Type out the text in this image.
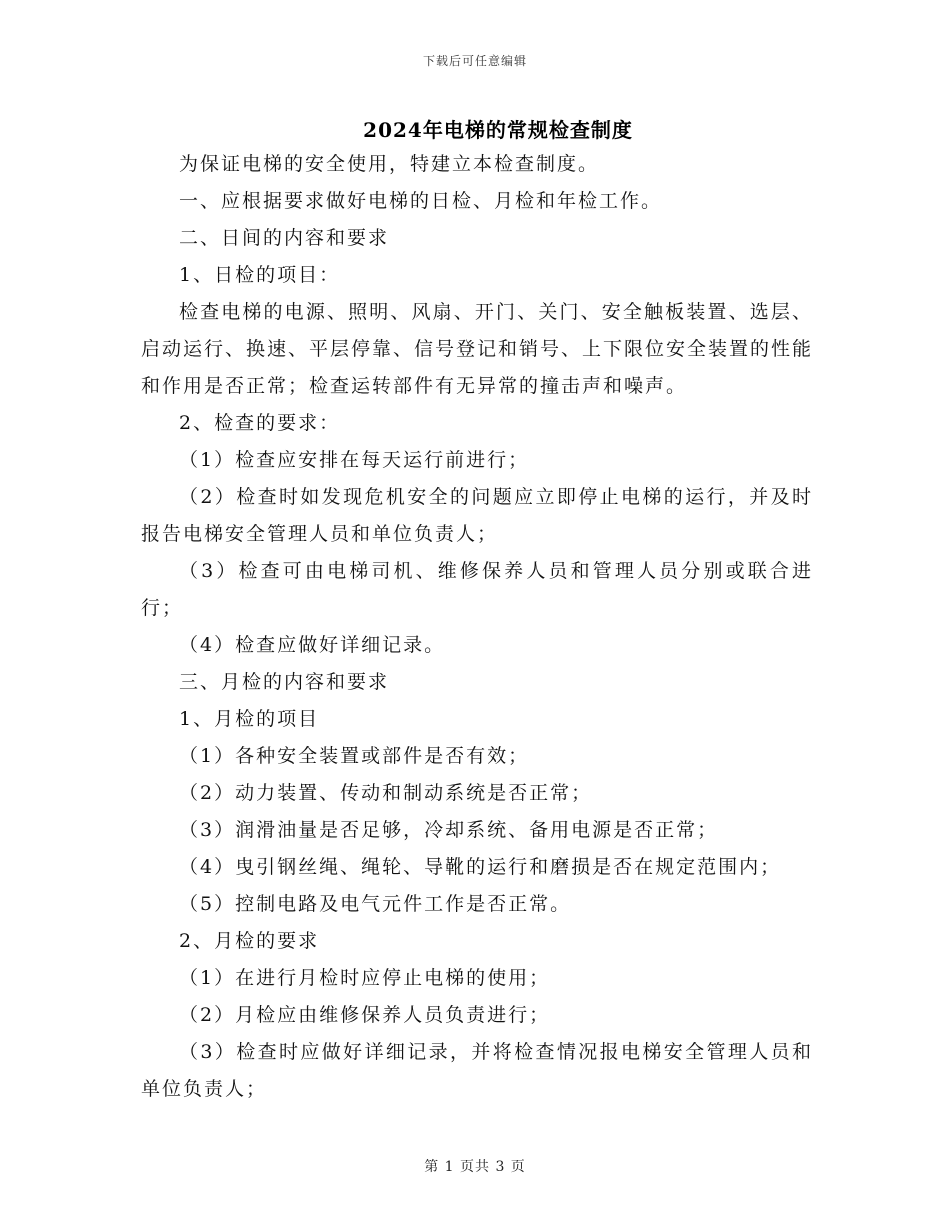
下载后可任意编辑
2024年电梯的常规检查制度

为保证电梯的安全使用，特建立本检查制度。

一、应根据要求做好电梯的日检、月检和年检工作。

二、日间的内容和要求

1、日检的项目：

检查电梯的电源、照明、风扇、开门、关门、安全触板装置、选层、启动运行、换速、平层停靠、信号登记和销号、上下限位安全装置的性能和作用是否正常；检查运转部件有无异常的撞击声和噪声。

2、检查的要求：

（1）检查应安排在每天运行前进行；

（2）检查时如发现危机安全的问题应立即停止电梯的运行，并及时报告电梯安全管理人员和单位负责人；

（3）检查可由电梯司机、维修保养人员和管理人员分别或联合进行；

（4）检查应做好详细记录。

三、月检的内容和要求

1、月检的项目

（1）各种安全装置或部件是否有效；

（2）动力装置、传动和制动系统是否正常；

（3）润滑油量是否足够，冷却系统、备用电源是否正常；

（4）曳引钢丝绳、绳轮、导靴的运行和磨损是否在规定范围内；

（5）控制电路及电气元件工作是否正常。

2、月检的要求

（1）在进行月检时应停止电梯的使用；

（2）月检应由维修保养人员负责进行；

（3）检查时应做好详细记录，并将检查情况报电梯安全管理人员和单位负责人；

第 1 页共 3 页
